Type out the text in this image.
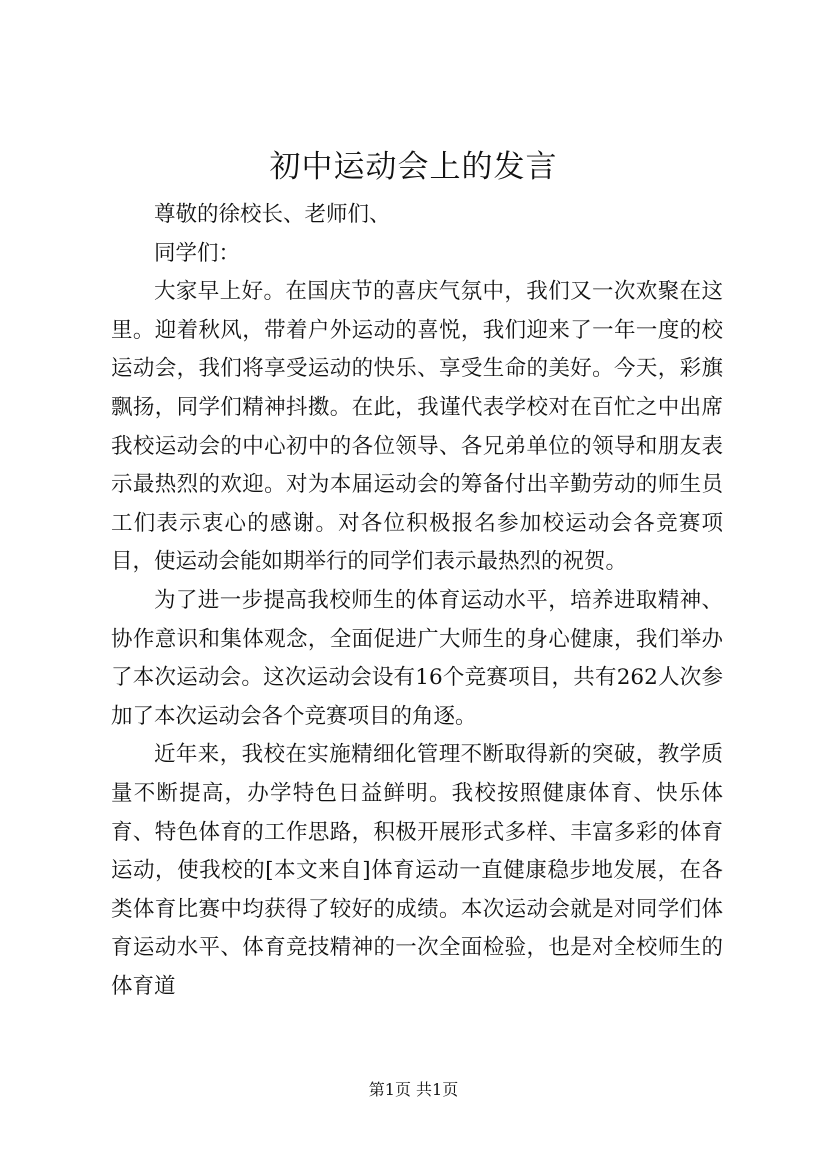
初中运动会上的发言

尊敬的徐校长、老师们、

同学们：

大家早上好。在国庆节的喜庆气氛中，我们又一次欢聚在这里。迎着秋风，带着户外运动的喜悦，我们迎来了一年一度的校运动会，我们将享受运动的快乐、享受生命的美好。今天，彩旗飘扬，同学们精神抖擞。在此，我谨代表学校对在百忙之中出席我校运动会的中心初中的各位领导、各兄弟单位的领导和朋友表示最热烈的欢迎。对为本届运动会的筹备付出辛勤劳动的师生员工们表示衷心的感谢。对各位积极报名参加校运动会各竞赛项目，使运动会能如期举行的同学们表示最热烈的祝贺。

为了进一步提高我校师生的体育运动水平，培养进取精神、协作意识和集体观念，全面促进广大师生的身心健康，我们举办了本次运动会。这次运动会设有16个竞赛项目，共有262人次参加了本次运动会各个竞赛项目的角逐。

近年来，我校在实施精细化管理不断取得新的突破，教学质量不断提高，办学特色日益鲜明。我校按照健康体育、快乐体育、特色体育的工作思路，积极开展形式多样、丰富多彩的体育运动，使我校的[本文来自]体育运动一直健康稳步地发展，在各类体育比赛中均获得了较好的成绩。本次运动会就是对同学们体育运动水平、体育竞技精神的一次全面检验，也是对全校师生的体育道

第1页 共1页
